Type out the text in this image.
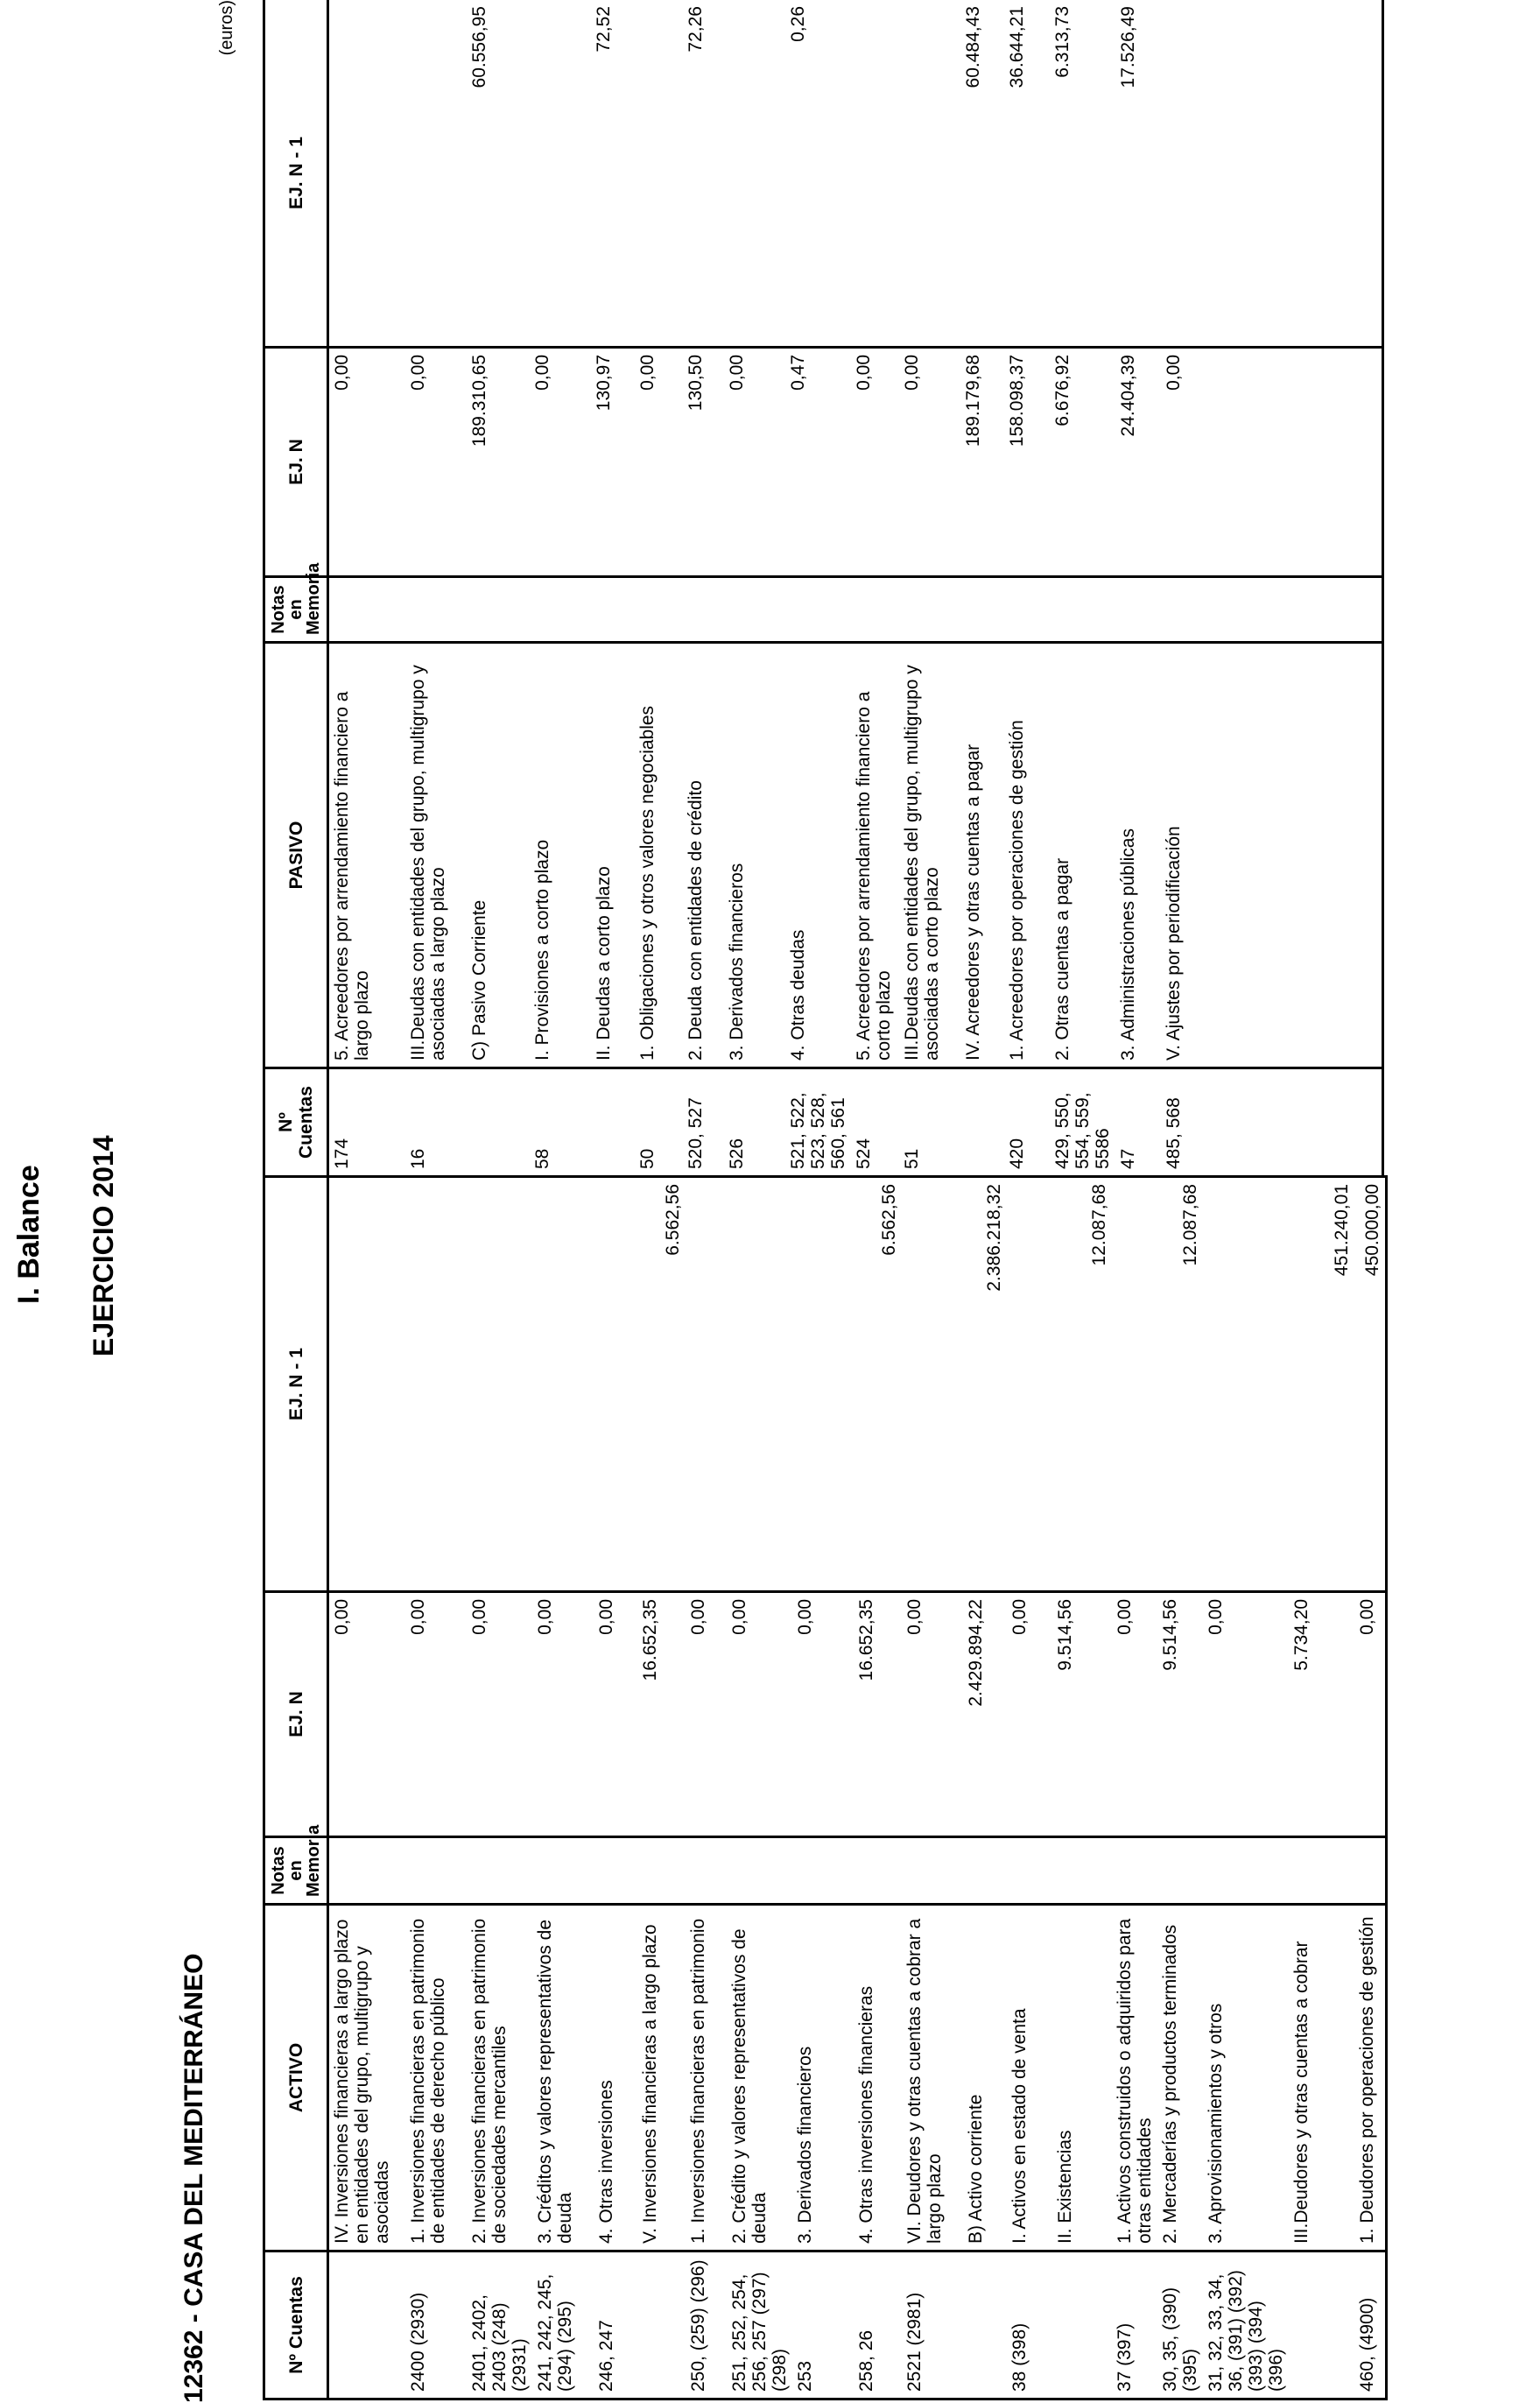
I. Balance EJERCICIO 2014
12362 - CASA DEL MEDITERRÁNEO
(euros)
Nº Cuentas	ACTIVO	Notas en Memoria	EJ. N	EJ. N - 1
	IV. Inversiones financieras a largo plazo en entidades del grupo, multigrupo y asociadas		0,00	
2400 (2930)	1. Inversiones financieras en patrimonio de entidades de derecho público		0,00	
2401, 2402, 2403 (248) (2931)	2. Inversiones financieras en patrimonio de sociedades mercantiles		0,00	
241, 242, 245, (294) (295)	3. Créditos y valores representativos de deuda		0,00	
246, 247	4. Otras inversiones		0,00	
	V. Inversiones financieras a largo plazo		16.652,35	6.562,56
250, (259) (296)	1. Inversiones financieras en patrimonio		0,00	
251, 252, 254, 256, 257 (297) (298)	2. Crédito y valores representativos de deuda		0,00	
253	3. Derivados financieros		0,00	
258, 26	4. Otras inversiones financieras		16.652,35	6.562,56
2521 (2981)	VI. Deudores y otras cuentas a cobrar a largo plazo		0,00	
	B) Activo corriente		2.429.894,22	2.386.218,32
38 (398)	I. Activos en estado de venta		0,00	
	II. Existencias		9.514,56	12.087,68
37 (397)	1. Activos construidos o adquiridos para otras entidades		0,00	
30, 35, (390) (395)	2. Mercaderías y productos terminados		9.514,56	12.087,68
31, 32, 33, 34, 36, (391) (392) (393) (394) (396)	3. Aprovisionamientos y otros		0,00	
	III.Deudores y otras cuentas a cobrar		5.734,20	451.240,01
460, (4900)	1. Deudores por operaciones de gestión		0,00	450.000,00
Nº Cuentas	PASIVO	Notas en Memoria	EJ. N	EJ. N - 1
174	5. Acreedores por arrendamiento financiero a largo plazo		0,00	
16	III.Deudas con entidades del grupo, multigrupo y asociadas a largo plazo		0,00	
	C) Pasivo Corriente		189.310,65	60.556,95
58	I. Provisiones a corto plazo		0,00	
	II. Deudas a corto plazo		130,97	72,52
50	1. Obligaciones y otros valores negociables		0,00	
520, 527	2. Deuda con entidades de crédito		130,50	72,26
526	3. Derivados financieros		0,00	
521, 522, 523, 528, 560, 561	4. Otras deudas		0,47	0,26
524	5. Acreedores por arrendamiento financiero a corto plazo		0,00	
51	III.Deudas con entidades del grupo, multigrupo y asociadas a corto plazo		0,00	
	IV. Acreedores y otras cuentas a pagar		189.179,68	60.484,43
420	1. Acreedores por operaciones de gestión		158.098,37	36.644,21
429, 550, 554, 559, 5586	2. Otras cuentas a pagar		6.676,92	6.313,73
47	3. Administraciones públicas		24.404,39	17.526,49
485, 568	V. Ajustes por periodificación		0,00	
